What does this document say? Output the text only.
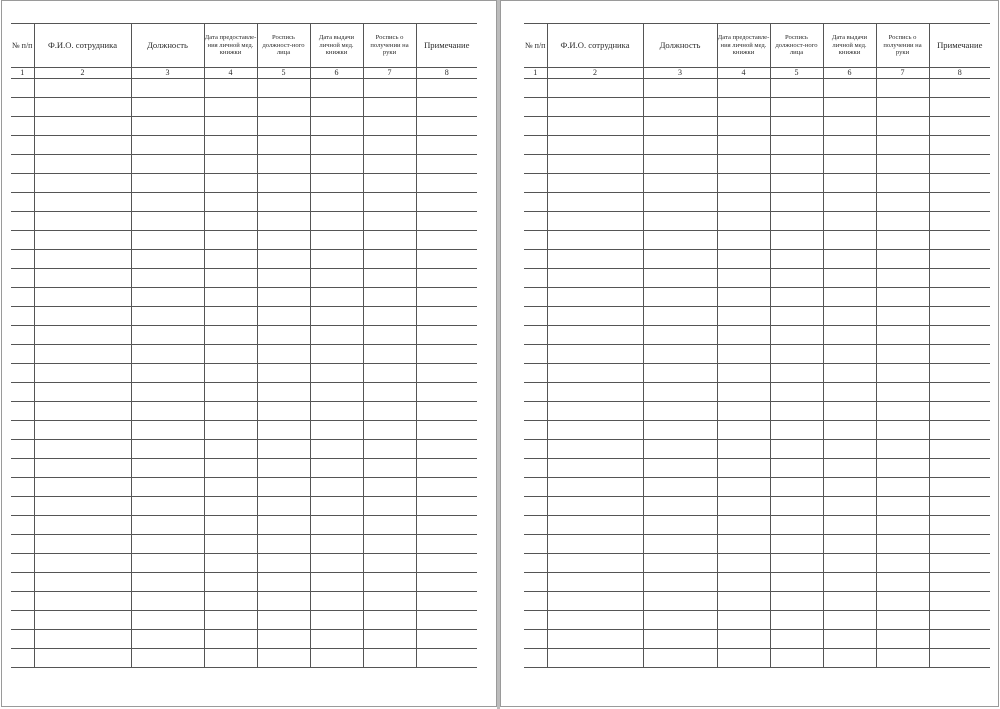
№ п/п	Ф.И.О. сотрудника	Должность	Дата предоставле-ния личной мед. книжки	Роспись должност-ного лица	Дата выдачи личной мед. книжки	Роспись о получении на руки	Примечание
1	2	3	4	5	6	7	8

№ п/п	Ф.И.О. сотрудника	Должность	Дата предоставле-ния личной мед. книжки	Роспись должност-ного лица	Дата выдачи личной мед. книжки	Роспись о получении на руки	Примечание
1	2	3	4	5	6	7	8
